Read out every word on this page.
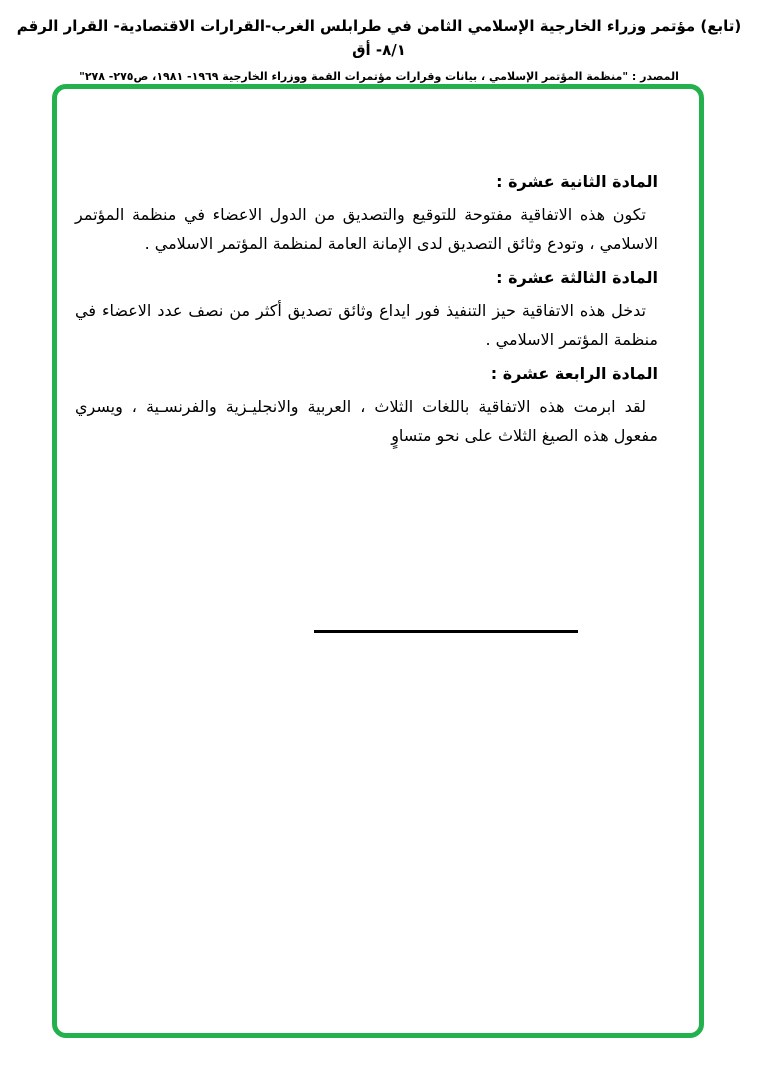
(تابع) مؤتمر وزراء الخارجية الإسلامي الثامن في طرابلس الغرب-القرارات الاقتصادية- القرار الرقم ٨/١- أق
المصدر : "منظمة المؤتمر الإسلامي ، بيانات وقرارات مؤتمرات القمة ووزراء الخارجية ١٩٦٩- ١٩٨١، ص٢٧٥- ٢٧٨"
المادة الثانية عشرة :
تكون هذه الاتفاقية مفتوحة للتوقيع والتصديق من الدول الاعضاء في منظمة المؤتمر الاسلامي ، وتودع وثائق التصديق لدى الإمانة العامة لمنظمة المؤتمر الاسلامي .
المادة الثالثة عشرة :
تدخل هذه الاتفاقية حيز التنفيذ فور ايداع وثائق تصديق أكثر من نصف عدد الاعضاء في منظمة المؤتمر الاسلامي .
المادة الرابعة عشرة :
لقد ابرمت هذه الاتفاقية باللغات الثلاث ، العربية والانجليـزية والفرنسـية ، ويسري مفعول هذه الصيغ الثلاث على نحو متساوٍ
